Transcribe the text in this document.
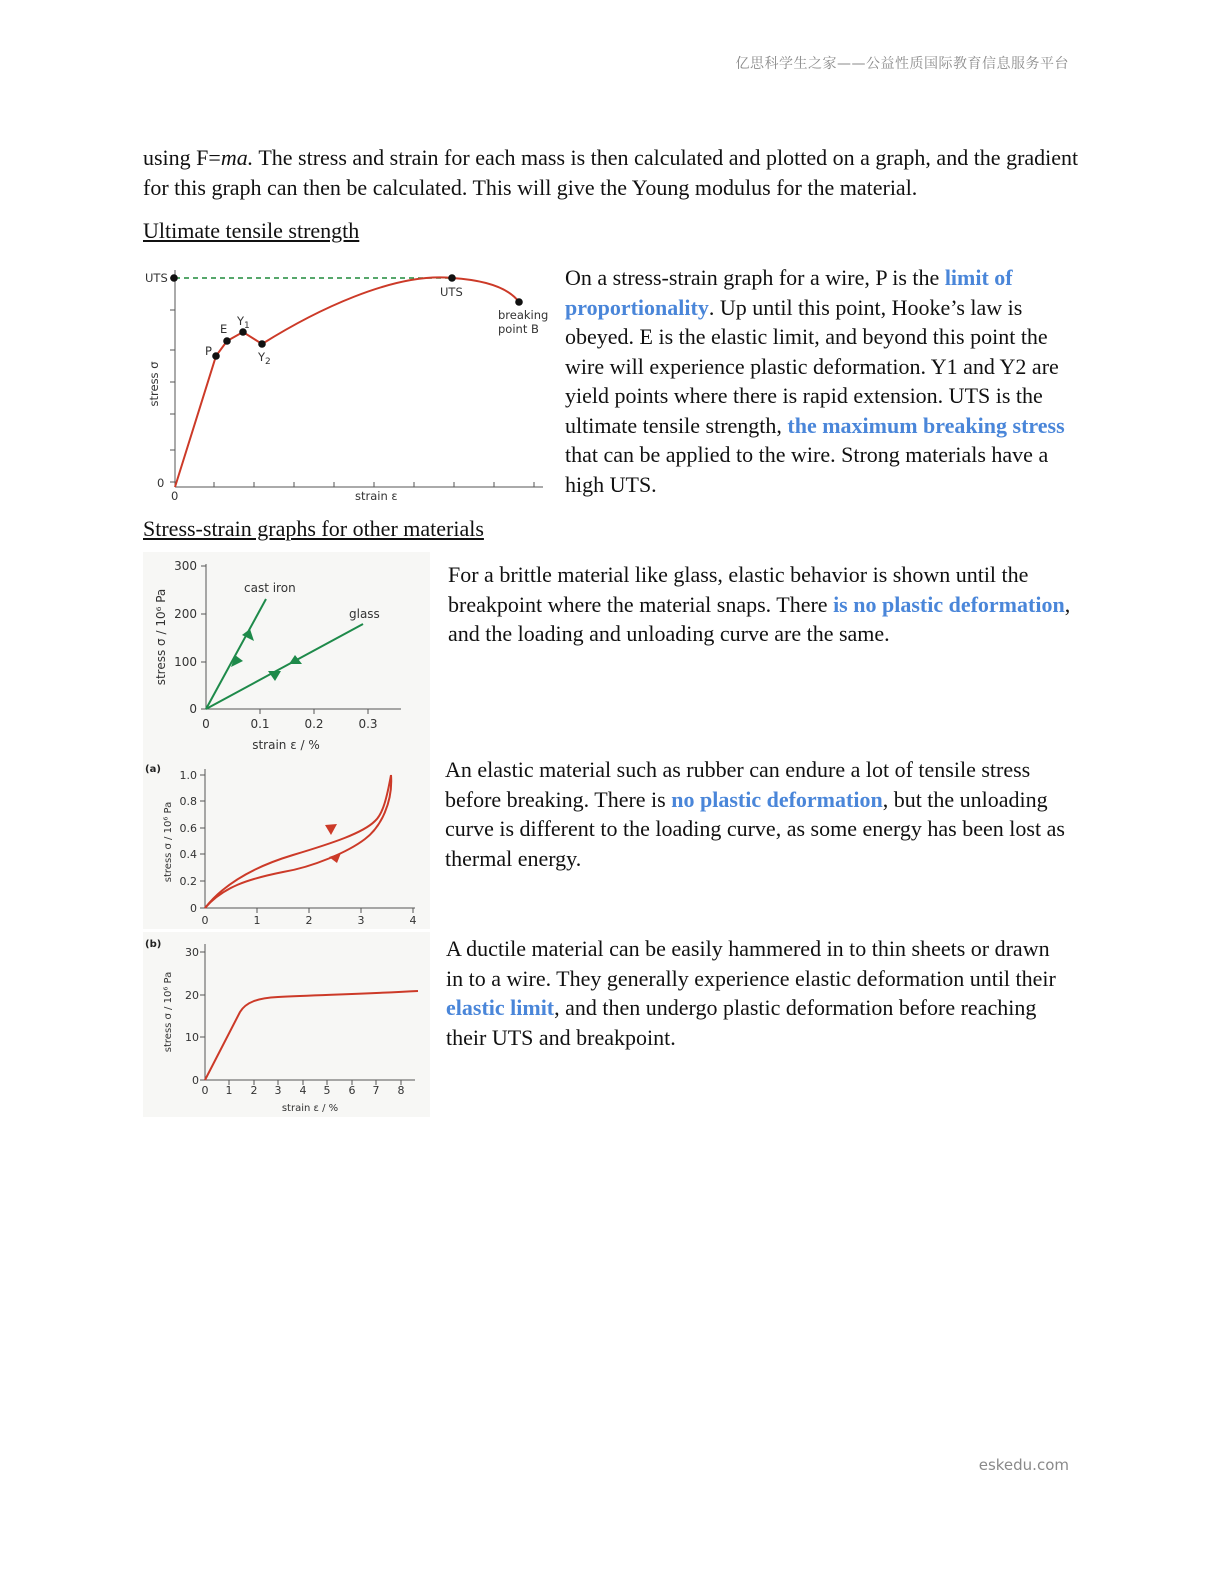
亿思科学生之家——公益性质国际教育信息服务平台
using F=ma. The stress and strain for each mass is then calculated and plotted on a graph, and the gradient for this graph can then be calculated. This will give the Young modulus for the material.
Ultimate tensile strength
UTS
0
0	strain ε
stress σ
P
E
$Y_1$
$Y_2$
UTS
breaking
point B
On a stress-strain graph for a wire, P is the limit of proportionality. Up until this point, Hooke’s law is obeyed. E is the elastic limit, and beyond this point the wire will experience plastic deformation. Y1 and Y2 are yield points where there is rapid extension. UTS is the ultimate tensile strength, the maximum breaking stress that can be applied to the wire. Strong materials have a high UTS.
Stress-strain graphs for other materials
0
100
200
300
0	0.1	0.2	0.3
strain ε / %
stress σ / 10⁶ Pa
cast iron
glass
For a brittle material like glass, elastic behavior is shown until the breakpoint where the material snaps. There is no plastic deformation, and the loading and unloading curve are the same.
(a)
0
0.2
0.4
0.6
0.8
1.0
0	1	2	3	4
stress σ / 10⁶ Pa
An elastic material such as rubber can endure a lot of tensile stress before breaking. There is no plastic deformation, but the unloading curve is different to the loading curve, as some energy has been lost as thermal energy.
(b)
0
10
20
30
0 1 2 3 4 5 6 7 8
strain ε / %
stress σ / 10⁶ Pa
A ductile material can be easily hammered in to thin sheets or drawn in to a wire. They generally experience elastic deformation until their elastic limit, and then undergo plastic deformation before reaching their UTS and breakpoint.
eskedu.com
